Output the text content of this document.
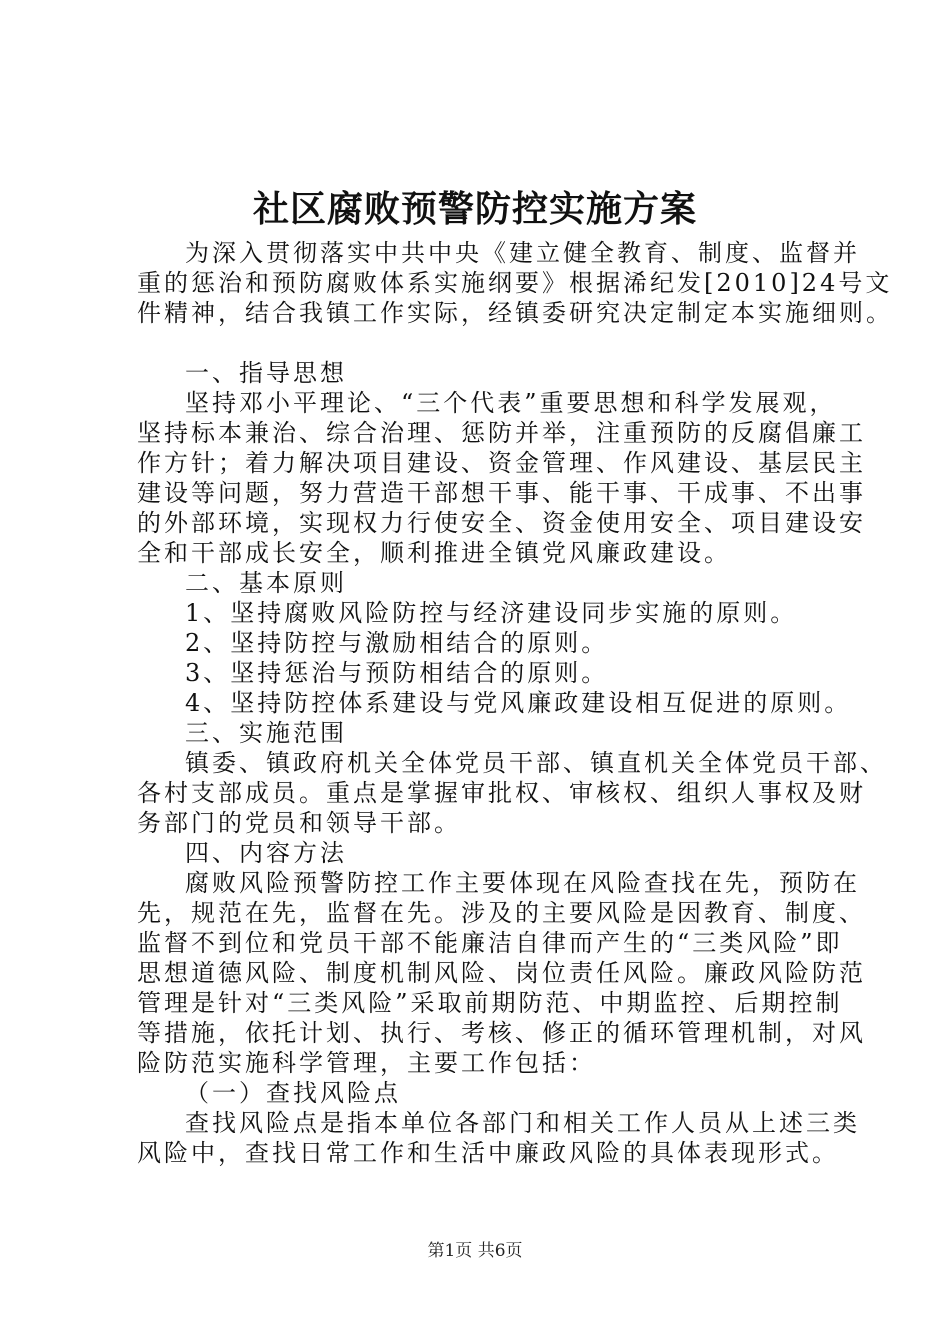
社区腐败预警防控实施方案
为深入贯彻落实中共中央《建立健全教育、制度、监督并
重的惩治和预防腐败体系实施纲要》根据浠纪发[2010]24号文
件精神，结合我镇工作实际，经镇委研究决定制定本实施细则。
一、指导思想
坚持邓小平理论、“三个代表”重要思想和科学发展观，
坚持标本兼治、综合治理、惩防并举，注重预防的反腐倡廉工
作方针；着力解决项目建设、资金管理、作风建设、基层民主
建设等问题，努力营造干部想干事、能干事、干成事、不出事
的外部环境，实现权力行使安全、资金使用安全、项目建设安
全和干部成长安全，顺利推进全镇党风廉政建设。
二、基本原则
1、坚持腐败风险防控与经济建设同步实施的原则。
2、坚持防控与激励相结合的原则。
3、坚持惩治与预防相结合的原则。
4、坚持防控体系建设与党风廉政建设相互促进的原则。
三、实施范围
镇委、镇政府机关全体党员干部、镇直机关全体党员干部、
各村支部成员。重点是掌握审批权、审核权、组织人事权及财
务部门的党员和领导干部。
四、内容方法
腐败风险预警防控工作主要体现在风险查找在先，预防在
先，规范在先，监督在先。涉及的主要风险是因教育、制度、
监督不到位和党员干部不能廉洁自律而产生的“三类风险”即
思想道德风险、制度机制风险、岗位责任风险。廉政风险防范
管理是针对“三类风险”采取前期防范、中期监控、后期控制
等措施，依托计划、执行、考核、修正的循环管理机制，对风
险防范实施科学管理，主要工作包括：
（一）查找风险点
查找风险点是指本单位各部门和相关工作人员从上述三类
风险中，查找日常工作和生活中廉政风险的具体表现形式。
第1页 共6页
